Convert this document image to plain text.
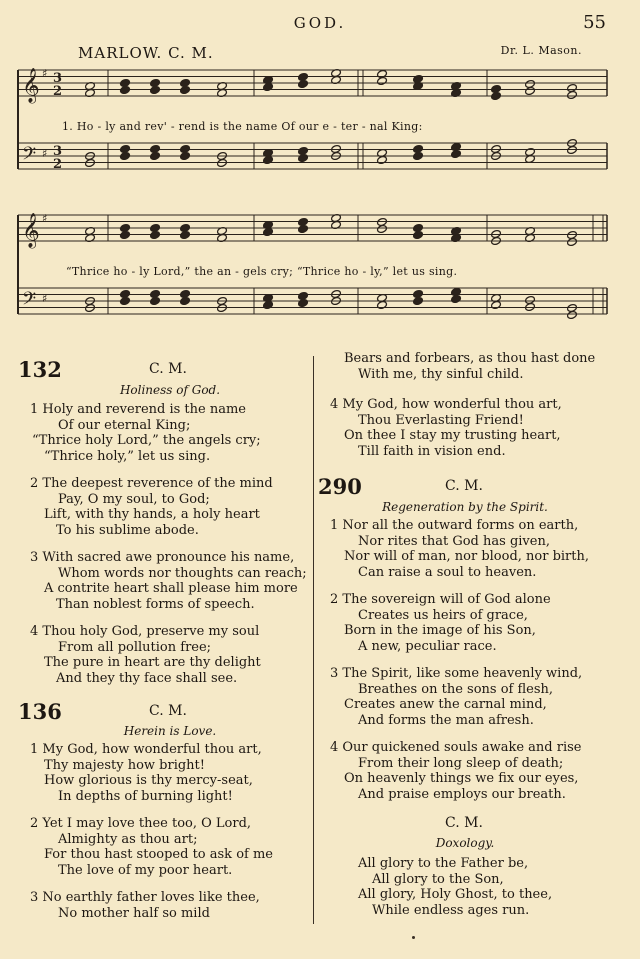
GOD.	55
MARLOW. C. M.	Dr. L. Mason.
𝄞 ♯ 3
2
𝄢 ♯ 3
2
𝄞 ♯
𝄢 ♯
1. Ho - ly and rev' - rend is the name Of our e - ter - nal King:
“Thrice ho - ly Lord,” the an - gels cry; “Thrice ho - ly,” let us sing.
132	C. M.
Holiness of God.
1 Holy and reverend is the name
Of our eternal King;
“Thrice holy Lord,” the angels cry;
“Thrice holy,” let us sing.
2 The deepest reverence of the mind
Pay, O my soul, to God;
Lift, with thy hands, a holy heart
To his sublime abode.
3 With sacred awe pronounce his name,
Whom words nor thoughts can reach;
A contrite heart shall please him more
Than noblest forms of speech.
4 Thou holy God, preserve my soul
From all pollution free;
The pure in heart are thy delight
And they thy face shall see.
136	C. M.
Herein is Love.
1 My God, how wonderful thou art,
Thy majesty how bright!
How glorious is thy mercy-seat,
In depths of burning light!
2 Yet I may love thee too, O Lord,
Almighty as thou art;
For thou hast stooped to ask of me
The love of my poor heart.
3 No earthly father loves like thee,
No mother half so mild
Bears and forbears, as thou hast done
With me, thy sinful child.
4 My God, how wonderful thou art,
Thou Everlasting Friend!
On thee I stay my trusting heart,
Till faith in vision end.
290	C. M.
Regeneration by the Spirit.
1 Nor all the outward forms on earth,
Nor rites that God has given,
Nor will of man, nor blood, nor birth,
Can raise a soul to heaven.
2 The sovereign will of God alone
Creates us heirs of grace,
Born in the image of his Son,
A new, peculiar race.
3 The Spirit, like some heavenly wind,
Breathes on the sons of flesh,
Creates anew the carnal mind,
And forms the man afresh.
4 Our quickened souls awake and rise
From their long sleep of death;
On heavenly things we fix our eyes,
And praise employs our breath.
C. M.
Doxology.
All glory to the Father be,
All glory to the Son,
All glory, Holy Ghost, to thee,
While endless ages run.
